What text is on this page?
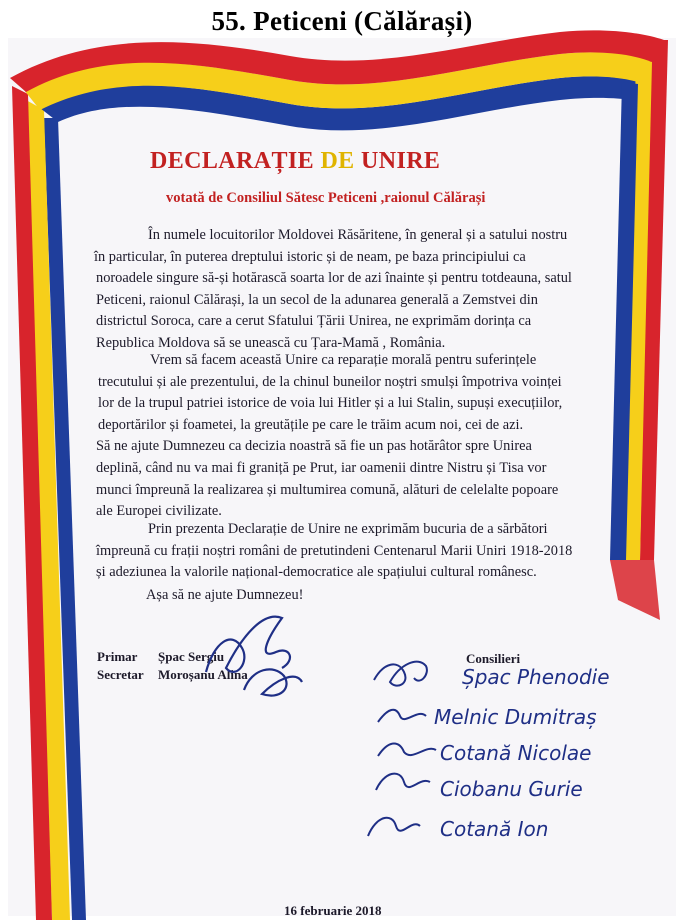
55. Peticeni (Călărași)
DECLARAȚIE DE UNIRE
votată de Consiliul Sătesc Peticeni ,raionul Călărași
În numele locuitorilor Moldovei Răsăritene, în general și a satului nostru
în particular, în puterea dreptului istoric și de neam, pe baza principiului ca
noroadele singure să-și hotărască soarta lor de azi înainte și pentru totdeauna, satul
Peticeni, raionul Călărași, la un secol de la adunarea generală a Zemstvei din
districtul Soroca, care a cerut Sfatului Țării Unirea, ne exprimăm dorința ca
Republica Moldova să se unească cu Țara-Mamă , România.
Vrem să facem această Unire ca reparație morală pentru suferințele
trecutului și ale prezentului, de la chinul buneilor noștri smulși împotriva voinței
lor de la trupul patriei istorice de voia lui Hitler și a lui Stalin, supuși execuțiilor,
deportărilor și foametei, la greutățile pe care le trăim acum noi, cei de azi.
Să ne ajute Dumnezeu ca decizia noastră să fie un pas hotărâtor spre Unirea
deplină, când nu va mai fi graniță pe Prut, iar oamenii dintre Nistru și Tisa vor
munci împreună la realizarea și multumirea comună, alături de celelalte popoare
ale Europei civilizate.
Prin prezenta Declarație de Unire ne exprimăm bucuria de a sărbători
împreună cu frații noștri români de pretutindeni Centenarul Marii Uniri 1918-2018
și adeziunea la valorile național-democratice ale spațiului cultural românesc.

Așa să ne ajute Dumnezeu!

Primar Șpac Sergiu
Secretar Moroșanu Alina
Consilieri
Șpac Phenodie
Melnic Dumitraș
Cotană Nicolae
Ciobanu Gurie
Cotană Ion
16 februarie 2018
